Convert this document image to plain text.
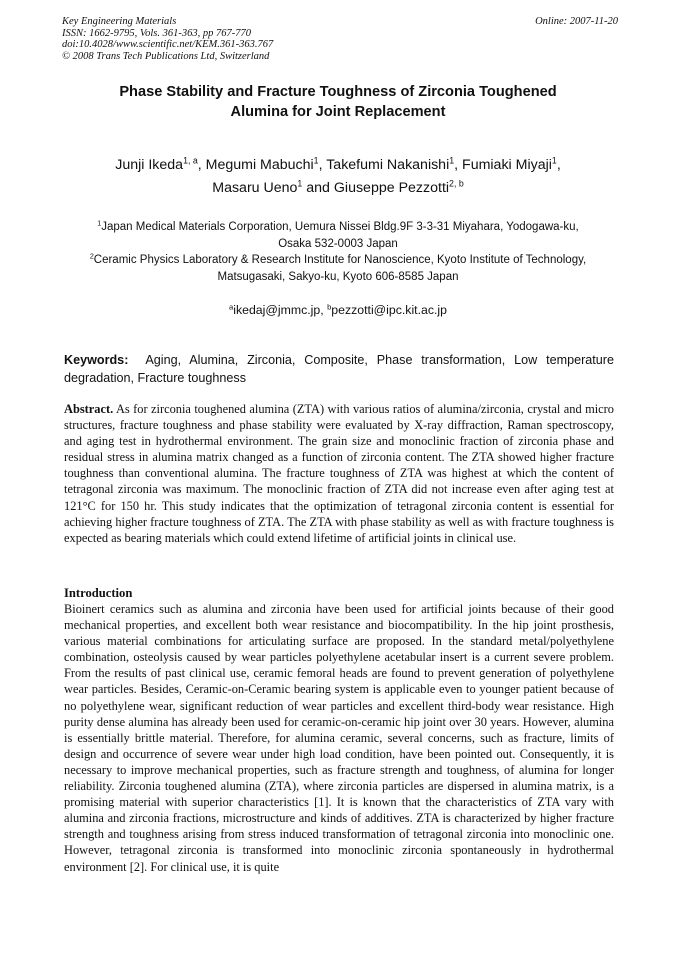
Key Engineering Materials
ISSN: 1662-9795, Vols. 361-363, pp 767-770
doi:10.4028/www.scientific.net/KEM.361-363.767
© 2008 Trans Tech Publications Ltd, Switzerland
Online: 2007-11-20
Phase Stability and Fracture Toughness of Zirconia Toughened
Alumina for Joint Replacement
Junji Ikeda$^{1, a}$, Megumi Mabuchi$^1$, Takefumi Nakanishi$^1$, Fumiaki Miyaji$^1$,
Masaru Ueno$^1$ and Giuseppe Pezzotti$^{2, b}$
$^1$Japan Medical Materials Corporation, Uemura Nissei Bldg.9F 3-3-31 Miyahara, Yodogawa-ku,
Osaka 532-0003 Japan
$^2$Ceramic Physics Laboratory & Research Institute for Nanoscience, Kyoto Institute of Technology,
Matsugasaki, Sakyo-ku, Kyoto 606-8585 Japan
$^a$ikedaj@jmmc.jp, $^b$pezzotti@ipc.kit.ac.jp
Keywords: Aging, Alumina, Zirconia, Composite, Phase transformation, Low temperature degradation, Fracture toughness
Abstract. As for zirconia toughened alumina (ZTA) with various ratios of alumina/zirconia, crystal and micro structures, fracture toughness and phase stability were evaluated by X-ray diffraction, Raman spectroscopy, and aging test in hydrothermal environment. The grain size and monoclinic fraction of zirconia phase and residual stress in alumina matrix changed as a function of zirconia content. The ZTA showed higher fracture toughness than conventional alumina. The fracture toughness of ZTA was highest at which the content of tetragonal zirconia was maximum. The monoclinic fraction of ZTA did not increase even after aging test at 121°C for 150 hr. This study indicates that the optimization of tetragonal zirconia content is essential for achieving higher fracture toughness of ZTA. The ZTA with phase stability as well as with fracture toughness is expected as bearing materials which could extend lifetime of artificial joints in clinical use.
Introduction
Bioinert ceramics such as alumina and zirconia have been used for artificial joints because of their good mechanical properties, and excellent both wear resistance and biocompatibility. In the hip joint prosthesis, various material combinations for articulating surface are proposed. In the standard metal/polyethylene combination, osteolysis caused by wear particles polyethylene acetabular insert is a current severe problem. From the results of past clinical use, ceramic femoral heads are found to prevent generation of polyethylene wear particles. Besides, Ceramic-on-Ceramic bearing system is applicable even to younger patient because of no polyethylene wear, significant reduction of wear particles and excellent third-body wear resistance. High purity dense alumina has already been used for ceramic-on-ceramic hip joint over 30 years. However, alumina is essentially brittle material. Therefore, for alumina ceramic, several concerns, such as fracture, limits of design and occurrence of severe wear under high load condition, have been pointed out. Consequently, it is necessary to improve mechanical properties, such as fracture strength and toughness, of alumina for longer reliability. Zirconia toughened alumina (ZTA), where zirconia particles are dispersed in alumina matrix, is a promising material with superior characteristics [1]. It is known that the characteristics of ZTA vary with alumina and zirconia fractions, microstructure and kinds of additives. ZTA is characterized by higher fracture strength and toughness arising from stress induced transformation of tetragonal zirconia into monoclinic one. However, tetragonal zirconia is transformed into monoclinic zirconia spontaneously in hydrothermal environment [2]. For clinical use, it is quite
